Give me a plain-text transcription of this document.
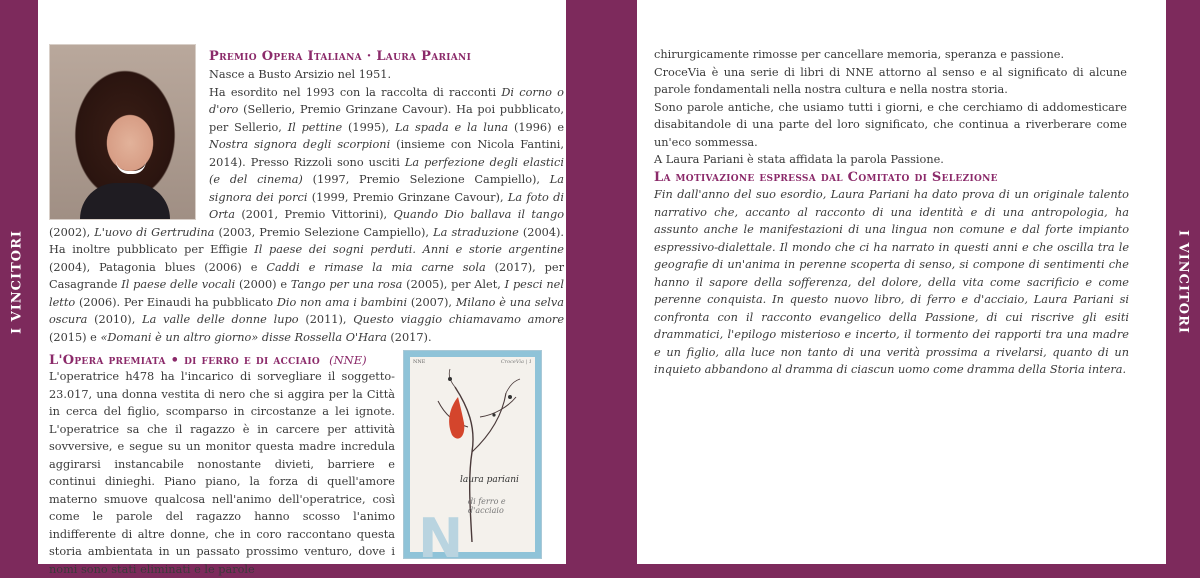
I VINCITORI	I VINCITORI
Premio Opera Italiana · Laura Pariani
Nasce a Busto Arsizio nel 1951.
Ha esordito nel 1993 con la raccolta di racconti Di corno o d'oro (Sellerio, Premio Grinzane Cavour). Ha poi pubblicato, per Sellerio, Il pettine (1995), La spada e la luna (1996) e Nostra signora degli scorpioni (insieme con Nicola Fantini, 2014). Presso Rizzoli sono usciti La perfezione degli elastici (e del cinema) (1997, Premio Selezione Campiello), La signora dei porci (1999, Premio Grinzane Cavour), La foto di Orta (2001, Premio Vittorini), Quando Dio ballava il tango (2002), L'uovo di Gertrudina (2003, Premio Selezione Campiello), La straduzione (2004). Ha inoltre pubblicato per Effigie Il paese dei sogni perduti. Anni e storie argentine (2004), Patagonia blues (2006) e Caddi e rimase la mia carne sola (2017), per Casagrande Il paese delle vocali (2000) e Tango per una rosa (2005), per Alet, I pesci nel letto (2006). Per Einaudi ha pubblicato Dio non ama i bambini (2007), Milano è una selva oscura (2010), La valle delle donne lupo (2011), Questo viaggio chiamavamo amore (2015) e «Domani è un altro giorno» disse Rossella O'Hara (2017).
L'Opera premiata • di ferro e di acciaio (NNE)

L'operatrice h478 ha l'incarico di sorvegliare il soggetto-23.017, una donna vestita di nero che si aggira per la Città in cerca del figlio, scomparso in circostanze a lei ignote. L'operatrice sa che il ragazzo è in carcere per attività sovversive, e segue su un monitor questa madre incredula aggirarsi instancabile nonostante divieti, barriere e continui dinieghi. Piano piano, la forza di quell'amore materno smuove qualcosa nell'animo dell'operatrice, così come le parole del ragazzo hanno scosso l'animo indifferente di altre donne, che in coro raccontano questa storia ambientata in un passato prossimo venturo, dove i nomi sono stati eliminati e le parole

NNE	CroceVia | 1
N
laura pariani
di ferro e d'acciaio

chirurgicamente rimosse per cancellare memoria, speranza e passione.

CroceVia è una serie di libri di NNE attorno al senso e al significato di alcune parole fondamentali nella nostra cultura e nella nostra storia.

Sono parole antiche, che usiamo tutti i giorni, e che cerchiamo di addomesticare disabitandole di una parte del loro significato, che continua a riverberare come un'eco sommessa.

A Laura Pariani è stata affidata la parola Passione.

La motivazione espressa dal Comitato di Selezione

Fin dall'anno del suo esordio, Laura Pariani ha dato prova di un originale talento narrativo che, accanto al racconto di una identità e di una antropologia, ha assunto anche le manifestazioni di una lingua non comune e dal forte impianto espressivo-dialettale. Il mondo che ci ha narrato in questi anni e che oscilla tra le geografie di un'anima in perenne scoperta di senso, si compone di sentimenti che hanno il sapore della sofferenza, del dolore, della vita come sacrificio e come perenne conquista. In questo nuovo libro, di ferro e d'acciaio, Laura Pariani si confronta con il racconto evangelico della Passione, di cui riscrive gli esiti drammatici, l'epilogo misterioso e incerto, il tormento dei rapporti tra una madre e un figlio, alla luce non tanto di una verità prossima a rivelarsi, quanto di un inquieto abbandono al dramma di ciascun uomo come dramma della Storia intera.
